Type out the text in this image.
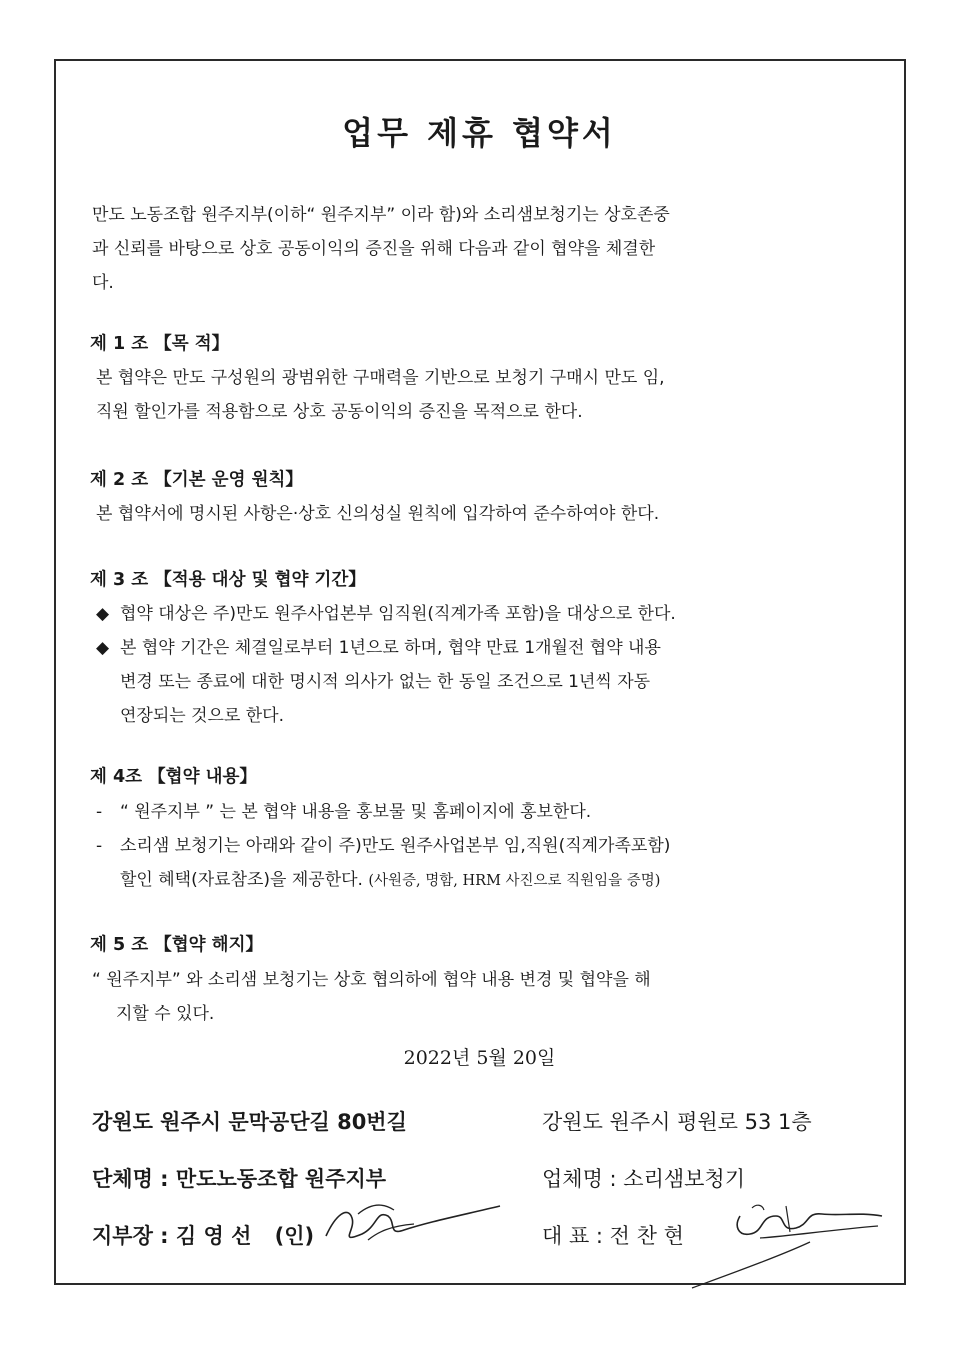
업무 제휴 협약서
만도 노동조합 원주지부(이하“ 원주지부” 이라 함)와 소리샘보청기는 상호존중
과 신뢰를 바탕으로 상호 공동이익의 증진을 위해 다음과 같이 협약을 체결한
다.
제 1 조 【목 적】
본 협약은 만도 구성원의 광범위한 구매력을 기반으로 보청기 구매시 만도 임,
직원 할인가를 적용함으로 상호 공동이익의 증진을 목적으로 한다.
제 2 조 【기본 운영 원칙】
본 협약서에 명시된 사항은·상호 신의성실 원칙에 입각하여 준수하여야 한다.
제 3 조 【적용 대상 및 협약 기간】
◆ 협약 대상은 주)만도 원주사업본부 임직원(직계가족 포함)을 대상으로 한다.
◆ 본 협약 기간은 체결일로부터 1년으로 하며, 협약 만료 1개월전 협약 내용
변경 또는 종료에 대한 명시적 의사가 없는 한 동일 조건으로 1년씩 자동
연장되는 것으로 한다.
제 4조 【협약 내용】
- “ 원주지부 ” 는 본 협약 내용을 홍보물 및 홈페이지에 홍보한다.
- 소리샘 보청기는 아래와 같이 주)만도 원주사업본부 임,직원(직계가족포함)
할인 혜택(자료참조)을 제공한다. (사원증, 명함, HRM 사진으로 직원임을 증명)
제 5 조 【협약 해지】
“ 원주지부” 와 소리샘 보청기는 상호 협의하에 협약 내용 변경 및 협약을 해
지할 수 있다.
2022년 5월 20일
강원도 원주시 문막공단길 80번길	강원도 원주시 평원로 53 1층
단체명 : 만도노동조합 원주지부	업체명 : 소리샘보청기
지부장 : 김 영 선 (인)	대 표 : 전 찬 현
